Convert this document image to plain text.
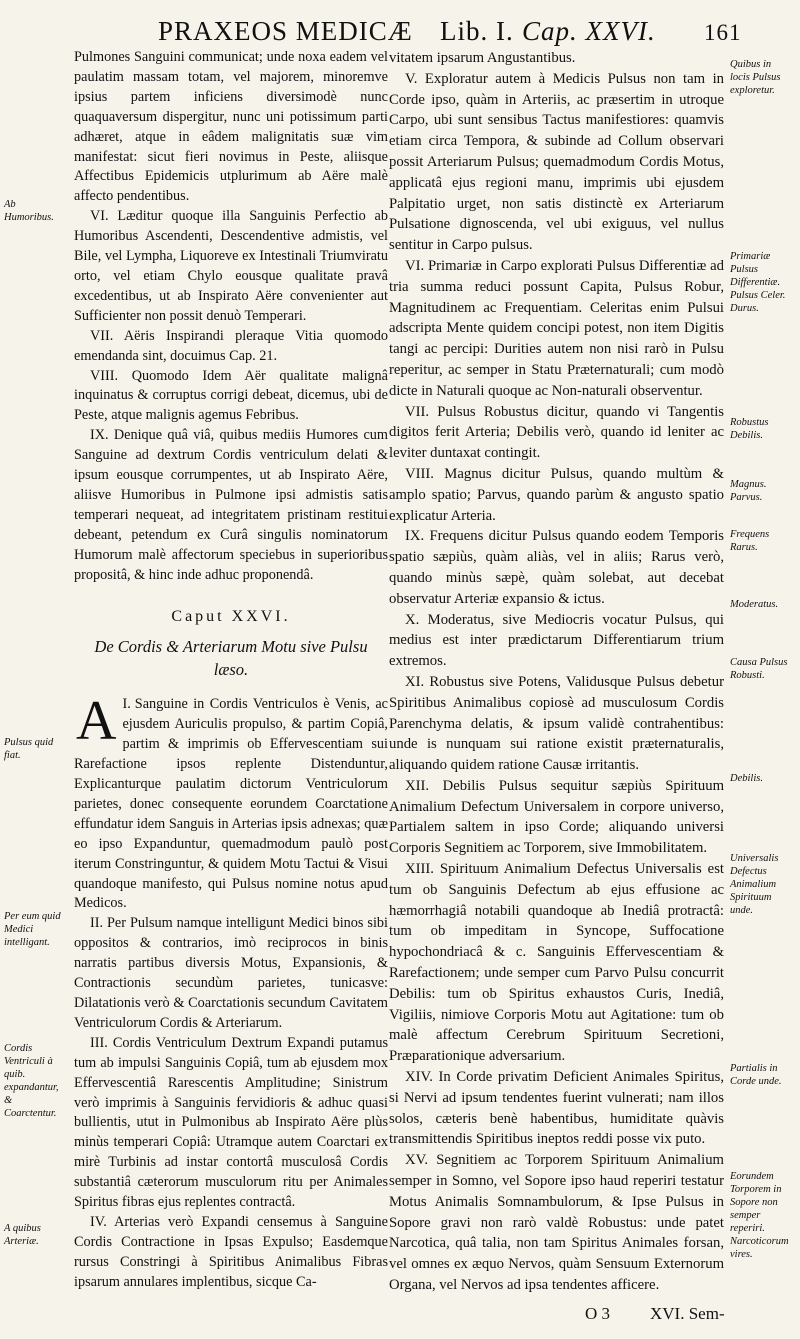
PRAXEOS MEDICÆ Lib. I. Cap. XXVI. 161

Pulmones Sanguini communicat; unde noxa eadem vel paulatim massam totam, vel majorem, minoremve ipsius partem inficiens diversimodè nunc quaquaversum dispergitur, nunc uni potissimum parti adhæret, atque in eâdem malignitatis suæ vim manifestat: sicut fieri novimus in Peste, aliisque Affectibus Epidemicis utplurimum ab Aëre malè affecto pendentibus.

VI. Læditur quoque illa Sanguinis Perfectio ab Humoribus Ascendenti, Descendentive admistis, vel Bile, vel Lympha, Liquoreve ex Intestinali Triumviratu orto, vel etiam Chylo eousque qualitate pravâ excedentibus, ut ab Inspirato Aëre convenienter aut Sufficienter non possit denuò Temperari.

VII. Aëris Inspirandi pleraque Vitia quomodo emendanda sint, docuimus Cap. 21.

VIII. Quomodo Idem Aër qualitate malignâ inquinatus & corruptus corrigi debeat, dicemus, ubi de Peste, atque malignis agemus Febribus.

IX. Denique quâ viâ, quibus mediis Humores cum Sanguine ad dextrum Cordis ventriculum delati & ipsum eousque corrumpentes, ut ab Inspirato Aëre, aliisve Humoribus in Pulmone ipsi admistis satis temperari nequeat, ad integritatem pristinam restitui debeant, petendum ex Curâ singulis nominatorum Humorum malè affectorum speciebus in superioribus propositâ, & hinc inde adhuc proponendâ.

Caput XXVI.
De Cordis & Arteriarum Motu sive Pulsu læso.

I.
A Sanguine in Cordis Ventriculos è Venis, ac ejusdem Auriculis propulso, & partim Copiâ, partim & imprimis ob Effervescentiam sui Rarefactione ipsos replente Distenduntur, Explicanturque paulatim dictorum Ventriculorum parietes, donec consequente eorundem Coarctatione effundatur idem Sanguis in Arterias ipsis adnexas; quæ eo ipso Expanduntur, quemadmodum paulò post iterum Constringuntur, & quidem Motu Tactui & Visui quandoque manifesto, qui Pulsus nomine notus apud Medicos.

II. Per Pulsum namque intelligunt Medici binos sibi oppositos & contrarios, imò reciprocos in binis narratis partibus diversis Motus, Expansionis, & Contractionis secundùm parietes, tunicasve: Dilatationis verò & Coarctationis secundum Cavitatem Ventriculorum Cordis & Arteriarum.

III. Cordis Ventriculum Dextrum Expandi putamus tum ab impulsi Sanguinis Copiâ, tum ab ejusdem mox Effervescentiâ Rarescentis Amplitudine; Sinistrum verò imprimis à Sanguinis fervidioris & adhuc quasi bullientis, utut in Pulmonibus ab Inspirato Aëre plùs minùs temperari Copiâ: Utramque autem Coarctari ex mirè Turbinis ad instar contortâ musculosâ Cordis substantiâ cæterorum musculorum ritu per Animales Spiritus fibras ejus replentes contractâ.

IV. Arterias verò Expandi censemus à Sanguine Cordis Contractione in Ipsas Expulso; Easdemque rursus Constringi à Spiritibus Animalibus Fibras ipsarum annulares implentibus, sicque Ca-

vitatem ipsarum Angustantibus.

V. Exploratur autem à Medicis Pulsus non tam in Corde ipso, quàm in Arteriis, ac præsertim in utroque Carpo, ubi sunt sensibus Tactus manifestiores: quamvis etiam circa Tempora, & subinde ad Collum observari possit Arteriarum Pulsus; quemadmodum Cordis Motus, applicatâ ejus regioni manu, imprimis ubi ejusdem Palpitatio urget, non satis distinctè ex Arteriarum Pulsatione dignoscenda, vel ubi exiguus, vel nullus sentitur in Carpo pulsus.

VI. Primariæ in Carpo explorati Pulsus Differentiæ ad tria summa reduci possunt Capita, Pulsus Robur, Magnitudinem ac Frequentiam. Celeritas enim Pulsui adscripta Mente quidem concipi potest, non item Digitis tangi ac percipi: Durities autem non nisi rarò in Pulsu reperitur, ac semper in Statu Præternaturali; cum modò dicte in Naturali quoque ac Non-naturali observentur.

VII. Pulsus Robustus dicitur, quando vi Tangentis digitos ferit Arteria; Debilis verò, quando id leniter ac leviter duntaxat contingit.

VIII. Magnus dicitur Pulsus, quando multùm & amplo spatio; Parvus, quando parùm & angusto spatio explicatur Arteria.

IX. Frequens dicitur Pulsus quando eodem Temporis spatio sæpiùs, quàm aliàs, vel in aliis; Rarus verò, quando minùs sæpè, quàm solebat, aut decebat observatur Arteriæ expansio & ictus.

X. Moderatus, sive Mediocris vocatur Pulsus, qui medius est inter prædictarum Differentiarum trium extremos.

XI. Robustus sive Potens, Validusque Pulsus debetur Spiritibus Animalibus copiosè ad musculosum Cordis Parenchyma delatis, & ipsum validè contrahentibus: unde is nunquam sui ratione existit præternaturalis, aliquando quidem ratione Causæ irritantis.

XII. Debilis Pulsus sequitur sæpiùs Spirituum Animalium Defectum Universalem in corpore universo, Partialem saltem in ipso Corde; aliquando universi Corporis Segnitiem ac Torporem, sive Immobilitatem.

XIII. Spirituum Animalium Defectus Universalis est tum ob Sanguinis Defectum ab ejus effusione ac hæmorrhagiâ notabili quandoque ab Inediâ protractâ: tum ob impeditam in Syncope, Suffocatione hypochondriacâ & c. Sanguinis Effervescentiam & Rarefactionem; unde semper cum Parvo Pulsu concurrit Debilis: tum ob Spiritus exhaustos Curis, Inediâ, Vigiliis, nimiove Corporis Motu aut Agitatione: tum ob malè affectum Cerebrum Spirituum Secretioni, Præparationique adversarium.

XIV. In Corde privatim Deficient Animales Spiritus, si Nervi ad ipsum tendentes fuerint vulnerati; nam illos solos, cæteris benè habentibus, humiditate quàvis transmittendis Spiritibus ineptos reddi posse vix puto.

XV. Segnitiem ac Torporem Spirituum Animalium semper in Somno, vel Sopore ipso haud reperiri testatur Motus Animalis Somnambulorum, & Ipse Pulsus in Sopore gravi non rarò valdè Robustus: unde patet Narcotica, quâ talia, non tam Spiritus Animales forsan, vel omnes ex æquo Nervos, quàm Sensuum Externorum Organa, vel Nervos ad ipsa tendentes afficere.

Ab Humoribus.
Pulsus quid fiat.
Per eum quid Medici intelligant.
Cordis Ventriculi à quib. expandantur, & Coarctentur.
A quibus Arteriæ.
Quibus in locis Pulsus exploretur.
Primariæ Pulsus Differentiæ. Pulsus Celer. Durus.
Robustus Debilis.
Magnus. Parvus.
Frequens Rarus.
Moderatus.
Causa Pulsus Robusti.
Debilis.
Universalis Defectus Animalium Spirituum unde.
Partialis in Corde unde.
Eorundem Torporem in Sopore non semper reperiri. Narcoticorum vires.
O 3 XVI. Sem-
